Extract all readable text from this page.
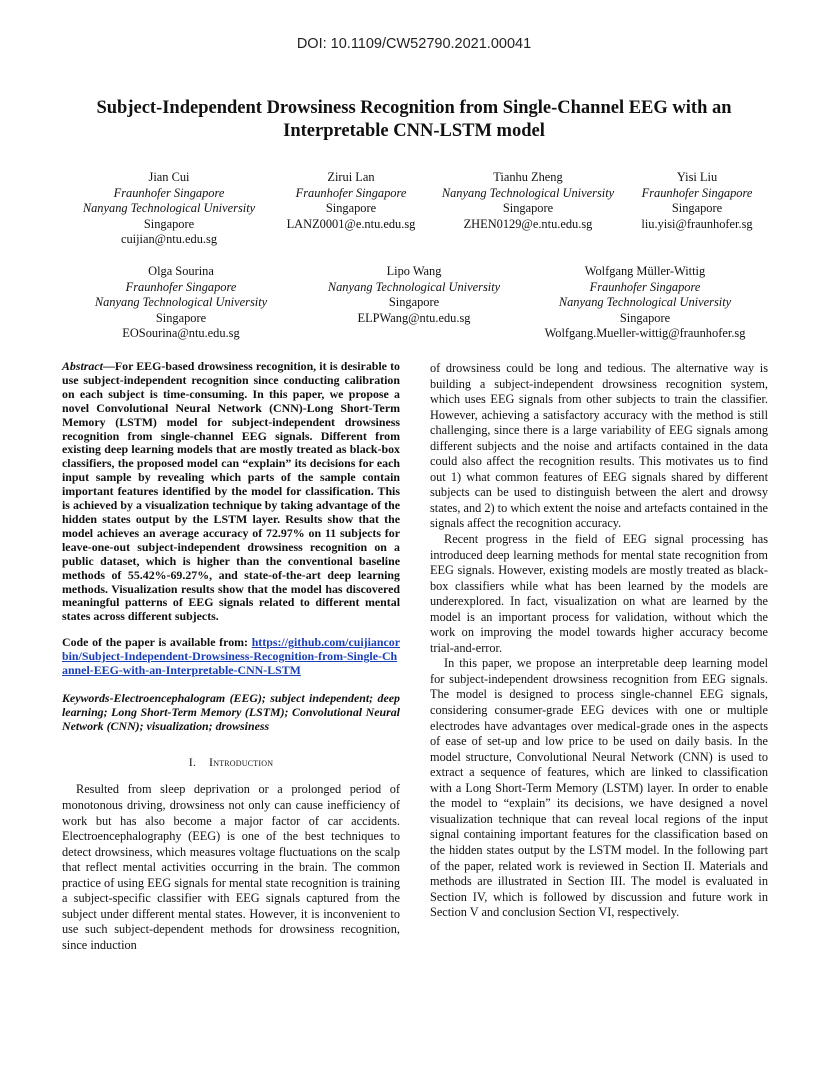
DOI: 10.1109/CW52790.2021.00041
Subject-Independent Drowsiness Recognition from Single-Channel EEG with an
Interpretable CNN-LSTM model
Jian Cui
Fraunhofer Singapore
Nanyang Technological University
Singapore
cuijian@ntu.edu.sg
Zirui Lan
Fraunhofer Singapore
Singapore
LANZ0001@e.ntu.edu.sg
Tianhu Zheng
Nanyang Technological University
Singapore
ZHEN0129@e.ntu.edu.sg
Yisi Liu
Fraunhofer Singapore
Singapore
liu.yisi@fraunhofer.sg
Olga Sourina
Fraunhofer Singapore
Nanyang Technological University
Singapore
EOSourina@ntu.edu.sg
Lipo Wang
Nanyang Technological University
Singapore
ELPWang@ntu.edu.sg
Wolfgang Müller-Wittig
Fraunhofer Singapore
Nanyang Technological University
Singapore
Wolfgang.Mueller-wittig@fraunhofer.sg

Abstract—For EEG-based drowsiness recognition, it is desirable to use subject-independent recognition since conducting calibration on each subject is time-consuming. In this paper, we propose a novel Convolutional Neural Network (CNN)-Long Short-Term Memory (LSTM) model for subject-independent drowsiness recognition from single-channel EEG signals. Different from existing deep learning models that are mostly treated as black-box classifiers, the proposed model can “explain” its decisions for each input sample by revealing which parts of the sample contain important features identified by the model for classification. This is achieved by a visualization technique by taking advantage of the hidden states output by the LSTM layer. Results show that the model achieves an average accuracy of 72.97% on 11 subjects for leave-one-out subject-independent drowsiness recognition on a public dataset, which is higher than the conventional baseline methods of 55.42%-69.27%, and state-of-the-art deep learning methods. Visualization results show that the model has discovered meaningful patterns of EEG signals related to different mental states across different subjects.

Code of the paper is available from: https://github.com/cuijiancorbin/Subject-Independent-Drowsiness-Recognition-from-Single-Channel-EEG-with-an-Interpretable-CNN-LSTM

Keywords-Electroencephalogram (EEG); subject independent; deep learning; Long Short-Term Memory (LSTM); Convolutional Neural Network (CNN); visualization; drowsiness

I. Introduction

Resulted from sleep deprivation or a prolonged period of monotonous driving, drowsiness not only can cause inefficiency of work but has also become a major factor of car accidents. Electroencephalography (EEG) is one of the best techniques to detect drowsiness, which measures voltage fluctuations on the scalp that reflect mental activities occurring in the brain. The common practice of using EEG signals for mental state recognition is training a subject-specific classifier with EEG signals captured from the subject under different mental states. However, it is inconvenient to use such subject-dependent methods for drowsiness recognition, since induction

of drowsiness could be long and tedious. The alternative way is building a subject-independent drowsiness recognition system, which uses EEG signals from other subjects to train the classifier. However, achieving a satisfactory accuracy with the method is still challenging, since there is a large variability of EEG signals among different subjects and the noise and artifacts contained in the data could also affect the recognition results. This motivates us to find out 1) what common features of EEG signals shared by different subjects can be used to distinguish between the alert and drowsy states, and 2) to which extent the noise and artefacts contained in the signals affect the recognition accuracy.

Recent progress in the field of EEG signal processing has introduced deep learning methods for mental state recognition from EEG signals. However, existing models are mostly treated as black-box classifiers while what has been learned by the models are underexplored. In fact, visualization on what are learned by the model is an important process for validation, without which the work on improving the model towards higher accuracy become trial-and-error.

In this paper, we propose an interpretable deep learning model for subject-independent drowsiness recognition from EEG signals. The model is designed to process single-channel EEG signals, considering consumer-grade EEG devices with one or multiple electrodes have advantages over medical-grade ones in the aspects of ease of set-up and low price to be used on daily basis. In the model structure, Convolutional Neural Network (CNN) is used to extract a sequence of features, which are linked to classification with a Long Short-Term Memory (LSTM) layer. In order to enable the model to “explain” its decisions, we have designed a novel visualization technique that can reveal local regions of the input signal containing important features for the classification based on the hidden states output by the LSTM model. In the following part of the paper, related work is reviewed in Section II. Materials and methods are illustrated in Section III. The model is evaluated in Section IV, which is followed by discussion and future work in Section V and conclusion Section VI, respectively.
